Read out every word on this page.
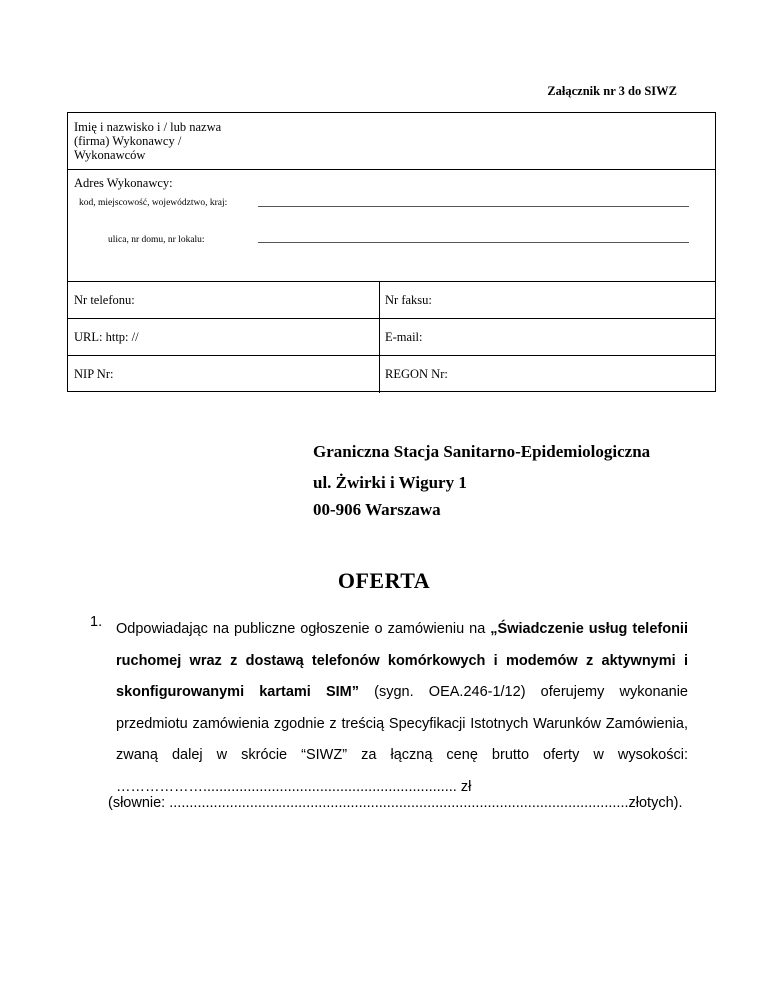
Załącznik nr 3 do SIWZ
Imię i nazwisko i / lub nazwa (firma) Wykonawcy / Wykonawców
Adres Wykonawcy:
kod, miejscowość, województwo, kraj:
ulica, nr domu, nr lokalu:
Nr telefonu:	Nr faksu:
URL: http: //	E-mail:
NIP Nr:	REGON Nr:
Graniczna Stacja Sanitarno-Epidemiologiczna
ul. Żwirki i Wigury 1
00-906 Warszawa
OFERTA
1. Odpowiadając na publiczne ogłoszenie o zamówieniu na „Świadczenie usług telefonii ruchomej wraz z dostawą telefonów komórkowych i modemów z aktywnymi i skonfigurowanymi kartami SIM” (sygn. OEA.246-1/12) oferujemy wykonanie przedmiotu zamówienia zgodnie z treścią Specyfikacji Istotnych Warunków Zamówienia, zwaną dalej w skrócie “SIWZ” za łączną cenę brutto oferty w wysokości: ………………............................................................... zł
(słownie: ..................................................................................................................złotych).
